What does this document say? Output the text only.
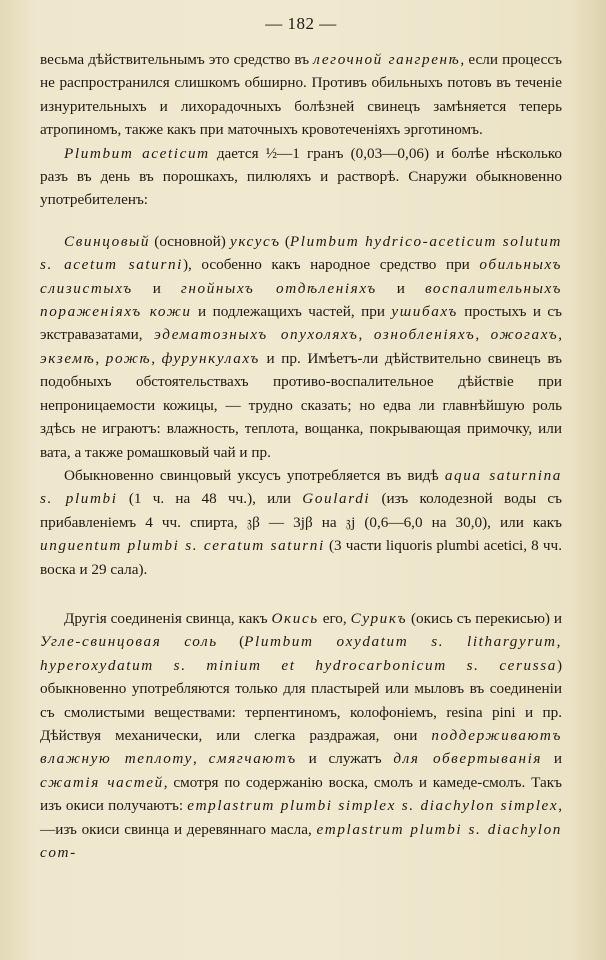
— 182 —

весьма дѣйствительнымъ это средство въ легочной гангренѣ, если процессъ не распространился слишкомъ обширно. Противъ обильныхъ потовъ въ теченіе изнурительныхъ и лихорадочныхъ болѣзней свинецъ замѣняется теперь атропиномъ, также какъ при маточныхъ кровотеченіяхъ эрготиномъ.

Plumbum aceticum дается ½—1 гранъ (0,03—0,06) и болѣе нѣсколько разъ въ день въ порошкахъ, пилюляхъ и растворѣ. Снаружи обыкновенно употребителенъ:

Свинцовый (основной) уксусъ (Plumbum hydrico-aceticum solutum s. acetum saturni), особенно какъ народное средство при обильныхъ слизистыхъ и гнойныхъ отдѣленіяхъ и воспалительныхъ пораженіяхъ кожи и подлежащихъ частей, при ушибахъ простыхъ и съ экстравазатами, эдематозныхъ опухоляхъ, ознобленіяхъ, ожогахъ, экземѣ, рожѣ, фурункулахъ и пр. Имѣетъ-ли дѣйствительно свинецъ въ подобныхъ обстоятельствахъ противо-воспалительное дѣйствіе при непроницаемости кожицы, — трудно сказать; но едва ли главнѣйшую роль здѣсь не играютъ: влажность, теплота, вощанка, покрывающая примочку, или вата, а также ромашковый чай и пр.

Обыкновенно свинцовый уксусъ употребляется въ видѣ aqua saturnina s. plumbi (1 ч. на 48 чч.), или Goulardi (изъ колодезной воды съ прибавленіемъ 4 чч. спирта, 𝔷β — 3jβ на 𝔷j (0,6—6,0 на 30,0), или какъ unguentum plumbi s. ceratum saturni (3 части liquoris plumbi acetici, 8 чч. воска и 29 сала).

Другія соединенія свинца, какъ Окись его, Сурикъ (окись съ перекисью) и Угле-свинцовая соль (Plumbum oxydatum s. lithargyrum, hyperoxydatum s. minium et hydrocarbonicum s. cerussa) обыкновенно употребляются только для пластырей или мыловъ въ соединеніи съ смолистыми веществами: терпентиномъ, колофоніемъ, resina pini и пр. Дѣйствуя механически, или слегка раздражая, они поддерживаютъ влажную теплоту, смягчаютъ и служатъ для обвертыванія и сжатія частей, смотря по содержанію воска, смолъ и камеде-смолъ. Такъ изъ окиси получаютъ: emplastrum plumbi simplex s. diachylon simplex,—изъ окиси свинца и деревяннаго масла, emplastrum plumbi s. diachylon com-
